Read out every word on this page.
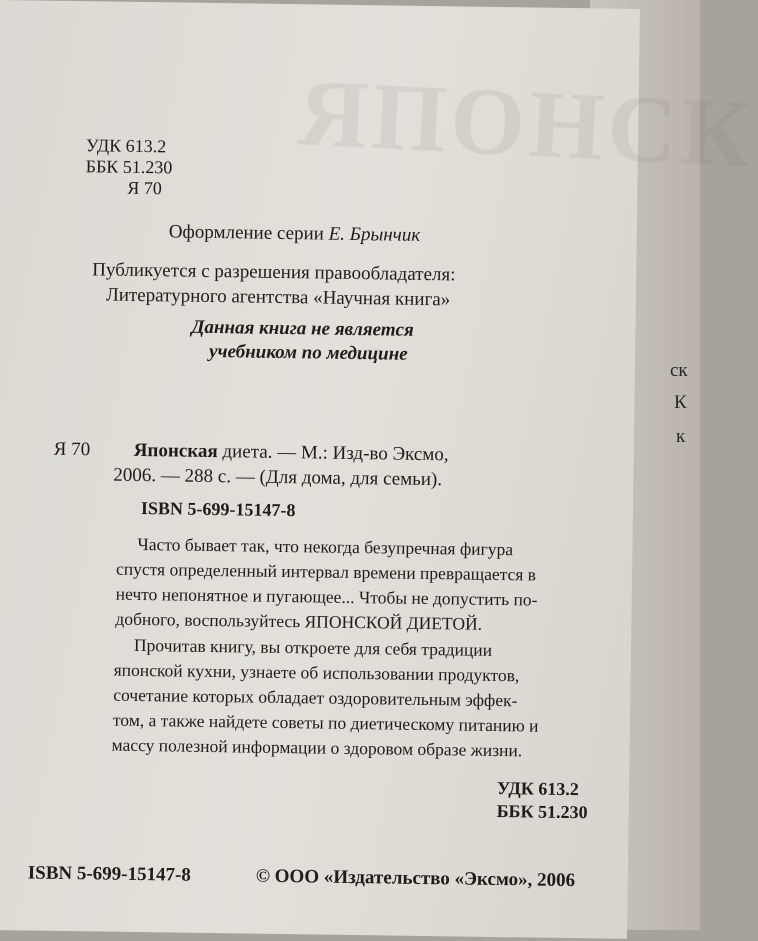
ск
К
к
ЯПОНСК
УДК 613.2
ББК 51.230
Я 70
Оформление серии Е. Брынчик
Публикуется с разрешения правообладателя:
Литературного агентства «Научная книга»
Данная книга не является
учебником по медицине
Я 70 Японская диета. — М.: Изд-во Эксмо,
2006. — 288 с. — (Для дома, для семьи).
ISBN 5-699-15147-8
Часто бывает так, что некогда безупречная фигура
спустя определенный интервал времени превращается в
нечто непонятное и пугающее... Чтобы не допустить по-
добного, воспользуйтесь ЯПОНСКОЙ ДИЕТОЙ.
Прочитав книгу, вы откроете для себя традиции
японской кухни, узнаете об использовании продуктов,
сочетание которых обладает оздоровительным эффек-
том, а также найдете советы по диетическому питанию и
массу полезной информации о здоровом образе жизни.
УДК 613.2
ББК 51.230
ISBN 5-699-15147-8	© ООО «Издательство «Эксмо», 2006
